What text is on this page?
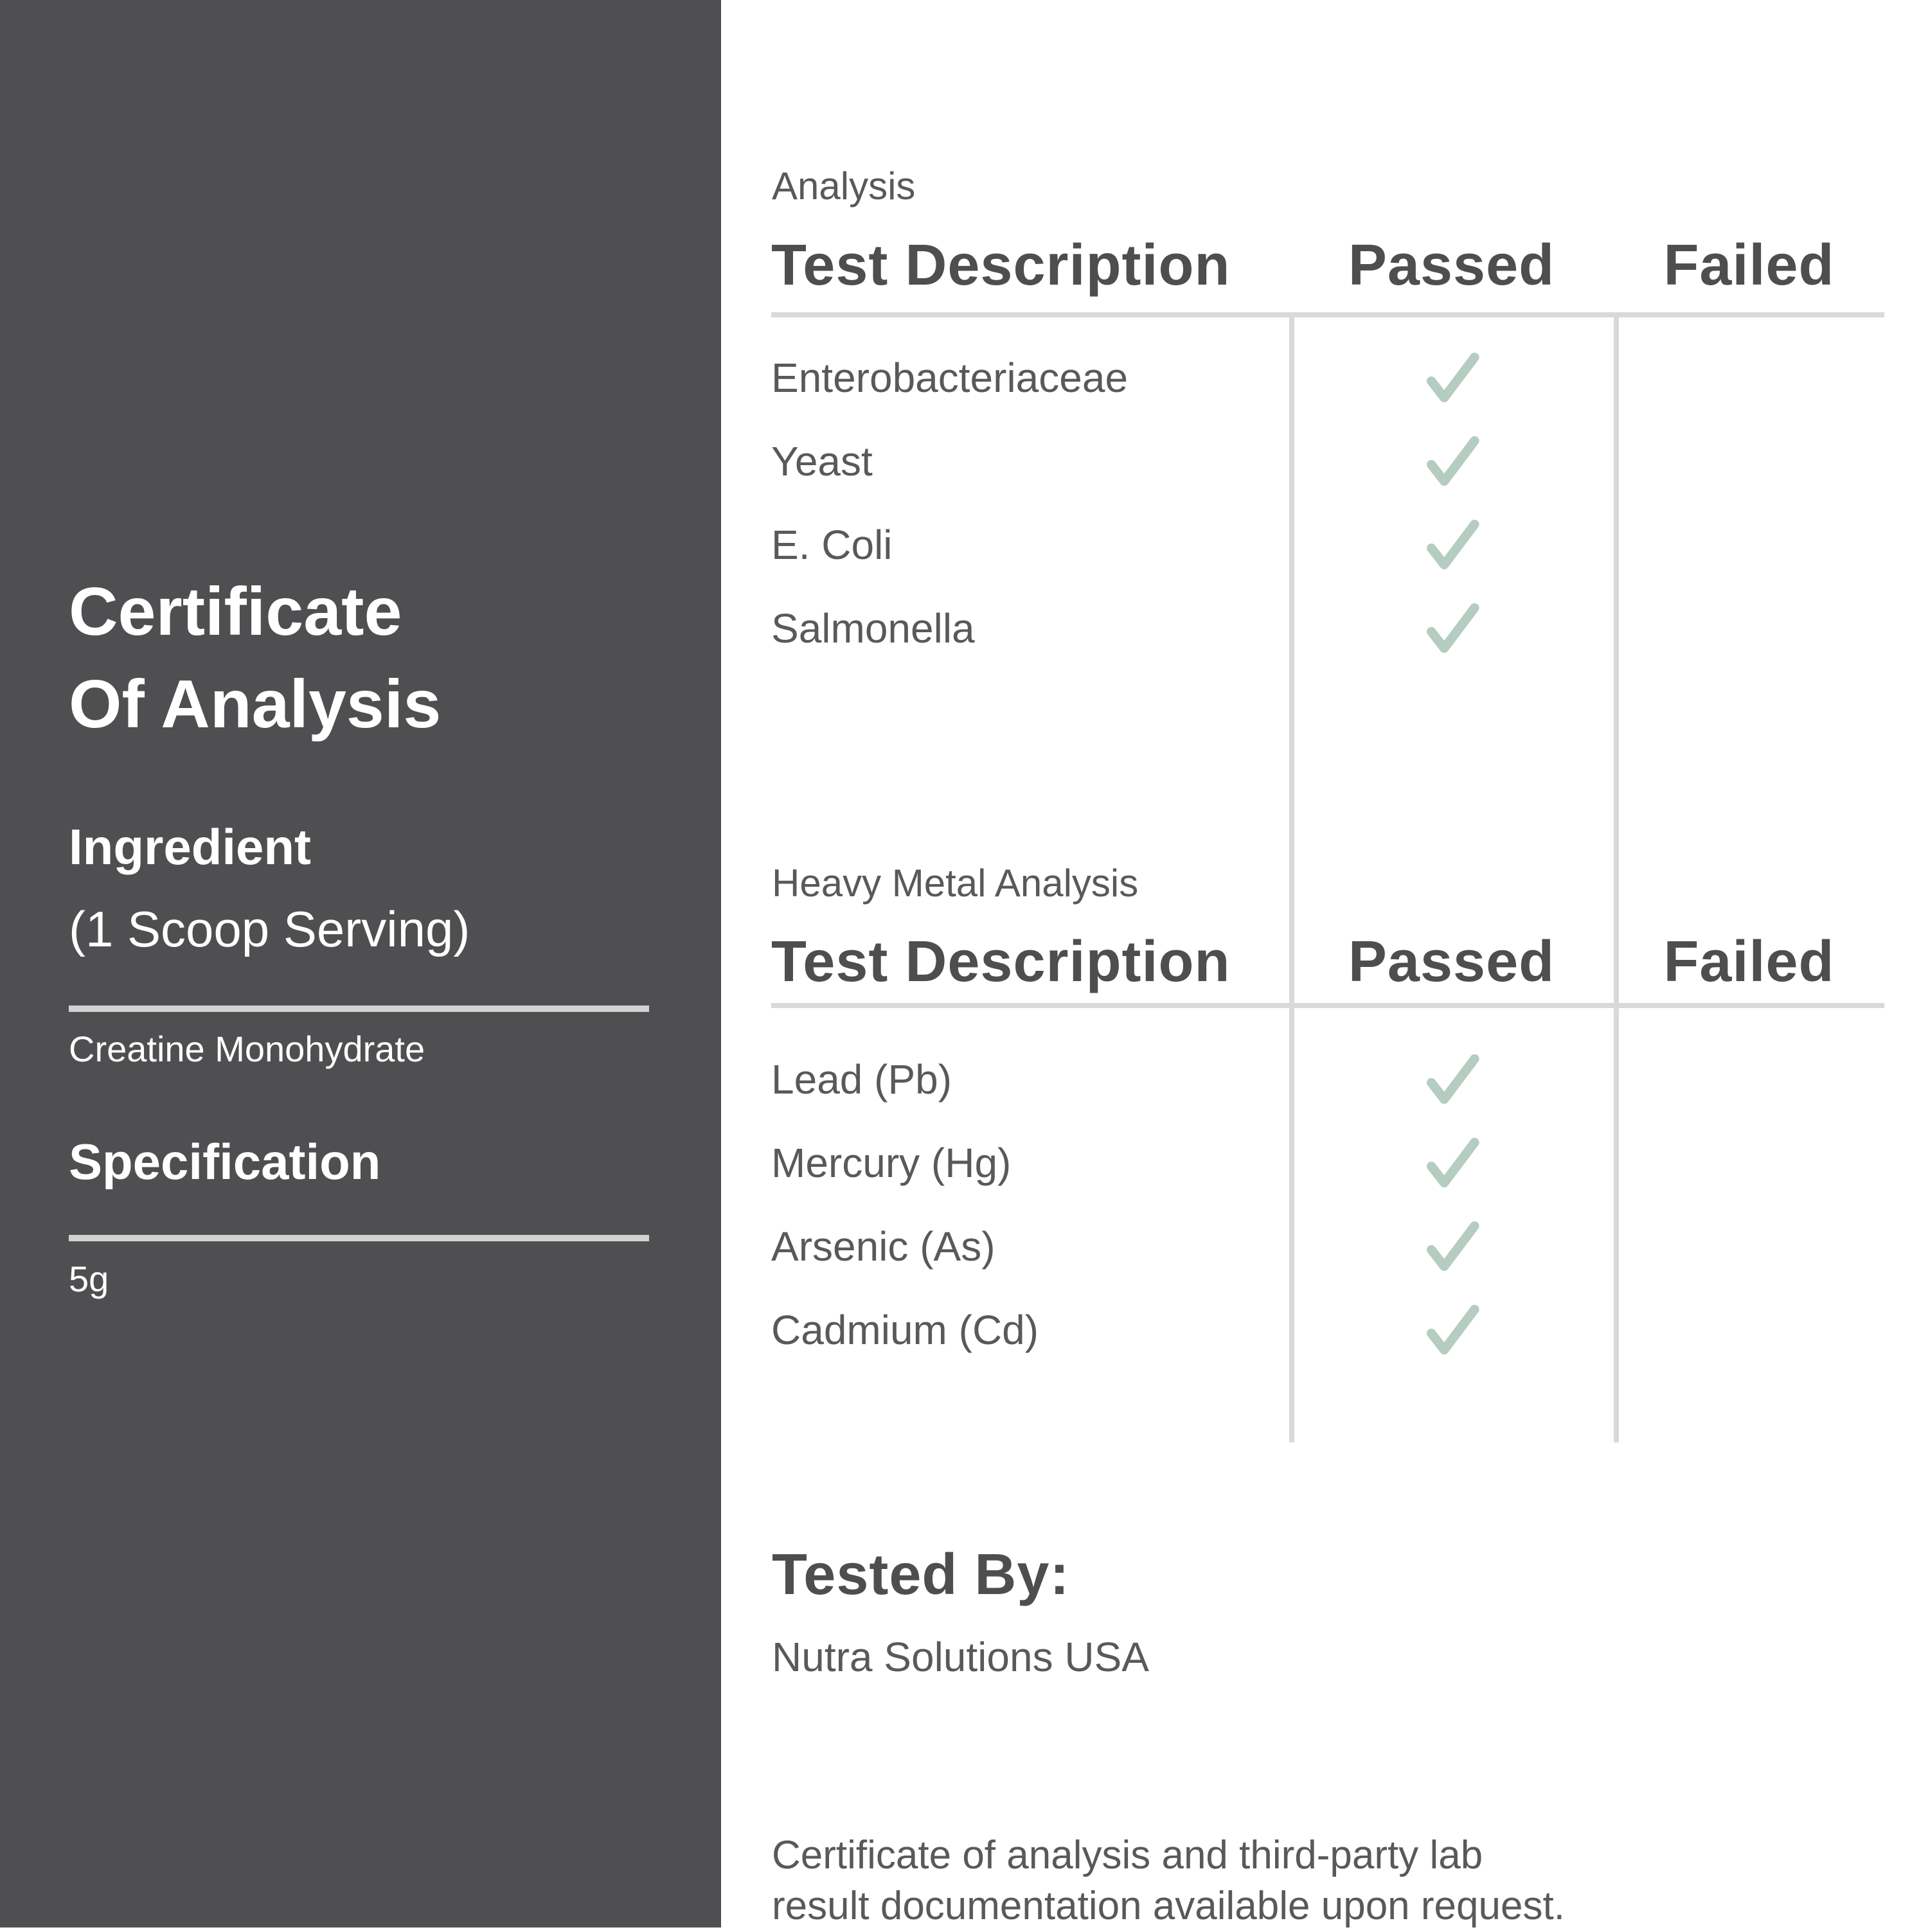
Certificate
Of Analysis
Ingredient
(1 Scoop Serving)
Creatine Monohydrate
Specification
5g
Analysis
Test Description	Passed	Failed
Enterobacteriaceae
Yeast
E. Coli
Salmonella
Heavy Metal Analysis
Test Description	Passed	Failed
Lead (Pb)
Mercury (Hg)
Arsenic (As)
Cadmium (Cd)
Tested By:
Nutra Solutions USA
Certificate of analysis and third-party lab
result documentation available upon request.
